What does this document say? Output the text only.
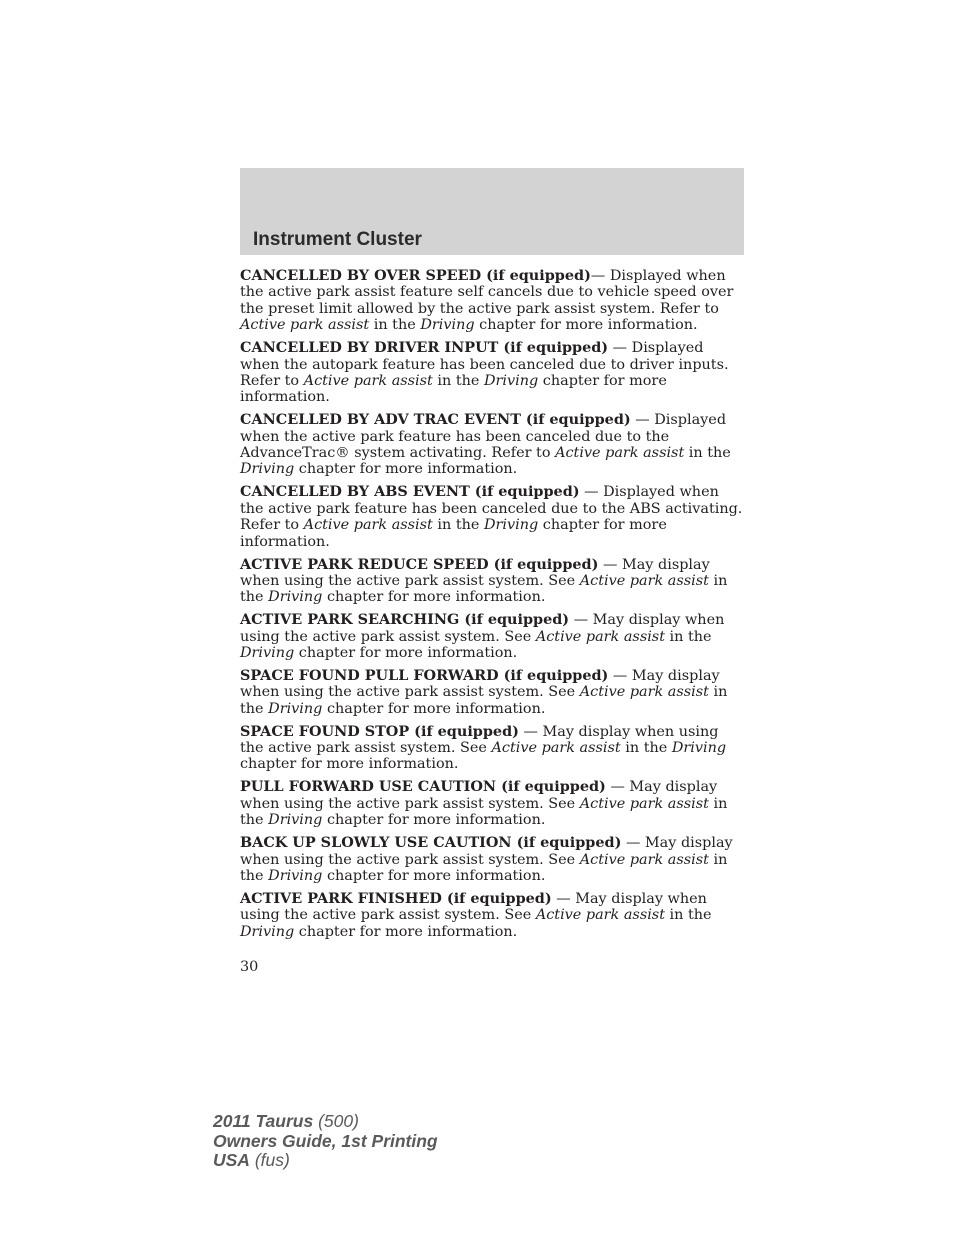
Instrument Cluster

CANCELLED BY OVER SPEED (if equipped)— Displayed when the active park assist feature self cancels due to vehicle speed over the preset limit allowed by the active park assist system. Refer to Active park assist in the Driving chapter for more information.

CANCELLED BY DRIVER INPUT (if equipped) — Displayed when the autopark feature has been canceled due to driver inputs. Refer to Active park assist in the Driving chapter for more information.

CANCELLED BY ADV TRAC EVENT (if equipped) — Displayed when the active park feature has been canceled due to the AdvanceTrac® system activating. Refer to Active park assist in the Driving chapter for more information.

CANCELLED BY ABS EVENT (if equipped) — Displayed when the active park feature has been canceled due to the ABS activating. Refer to Active park assist in the Driving chapter for more information.

ACTIVE PARK REDUCE SPEED (if equipped) — May display when using the active park assist system. See Active park assist in the Driving chapter for more information.

ACTIVE PARK SEARCHING (if equipped) — May display when using the active park assist system. See Active park assist in the Driving chapter for more information.

SPACE FOUND PULL FORWARD (if equipped) — May display when using the active park assist system. See Active park assist in the Driving chapter for more information.

SPACE FOUND STOP (if equipped) — May display when using the active park assist system. See Active park assist in the Driving chapter for more information.

PULL FORWARD USE CAUTION (if equipped) — May display when using the active park assist system. See Active park assist in the Driving chapter for more information.

BACK UP SLOWLY USE CAUTION (if equipped) — May display when using the active park assist system. See Active park assist in the Driving chapter for more information.

ACTIVE PARK FINISHED (if equipped) — May display when using the active park assist system. See Active park assist in the Driving chapter for more information.

30
2011 Taurus (500)
Owners Guide, 1st Printing
USA (fus)
